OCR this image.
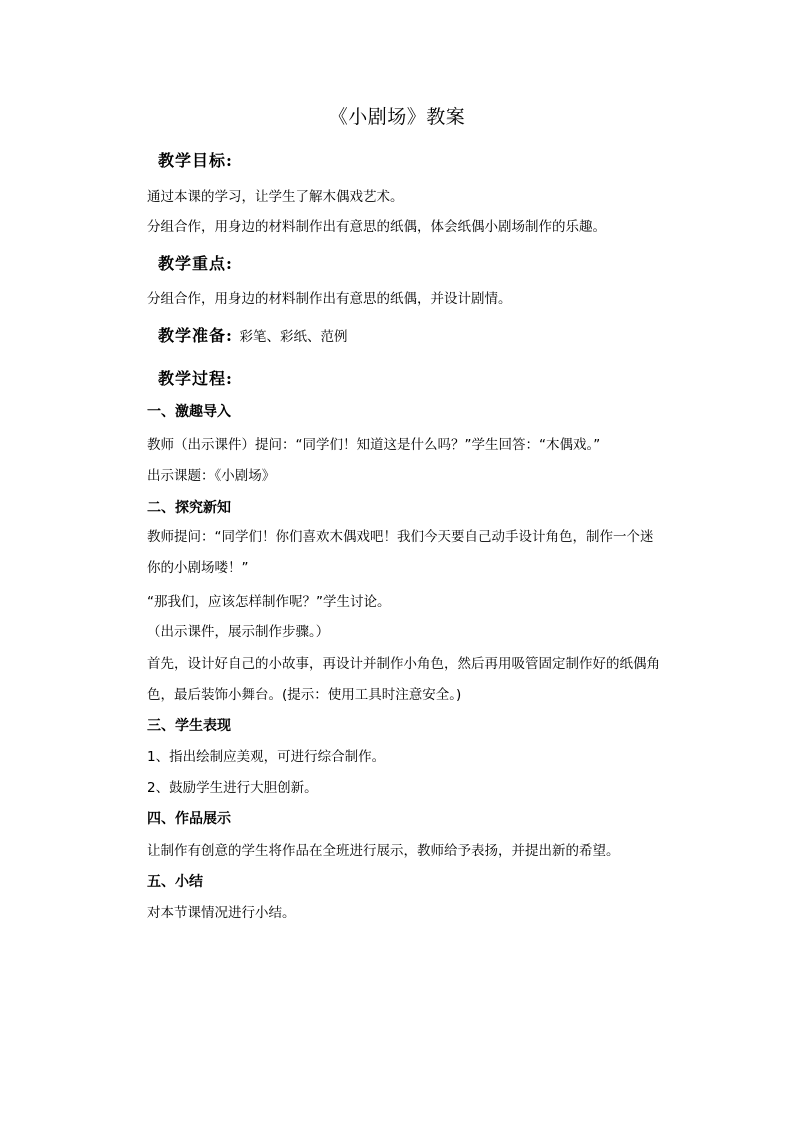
《小剧场》教案
教学目标:
通过本课的学习，让学生了解木偶戏艺术。
分组合作，用身边的材料制作出有意思的纸偶，体会纸偶小剧场制作的乐趣。
教学重点:
分组合作，用身边的材料制作出有意思的纸偶，并设计剧情。
教学准备: 彩笔、彩纸、范例
教学过程:
一、激趣导入
教师（出示课件）提问：“同学们！知道这是什么吗？”学生回答：“木偶戏。”
出示课题：《小剧场》
二、探究新知
教师提问：“同学们！你们喜欢木偶戏吧！我们今天要自己动手设计角色，制作一个迷
你的小剧场喽！”
“那我们，应该怎样制作呢？”学生讨论。
（出示课件，展示制作步骤。）
首先，设计好自己的小故事，再设计并制作小角色，然后再用吸管固定制作好的纸偶角
色，最后装饰小舞台。(提示：使用工具时注意安全。)
三、学生表现
1、指出绘制应美观，可进行综合制作。
2、鼓励学生进行大胆创新。
四、作品展示
让制作有创意的学生将作品在全班进行展示，教师给予表扬，并提出新的希望。
五、小结
对本节课情况进行小结。
